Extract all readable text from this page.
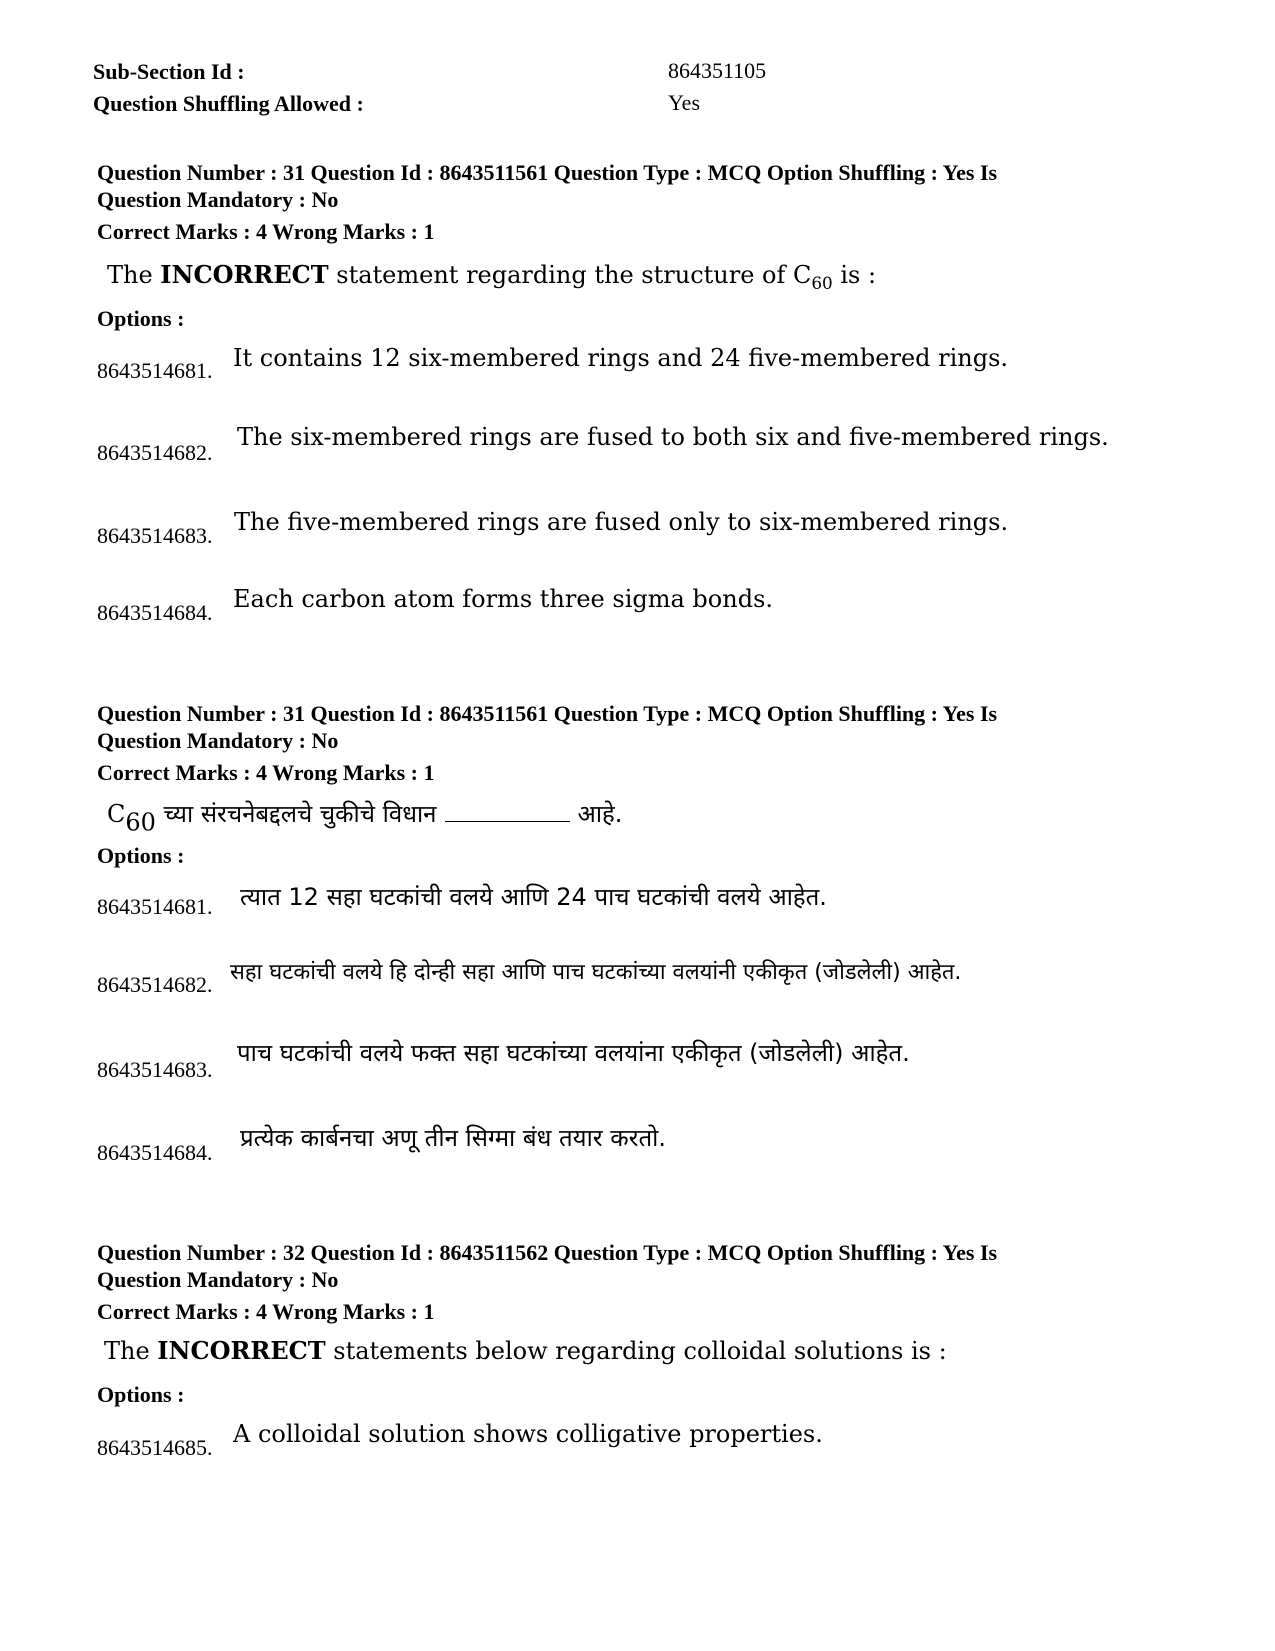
Sub-Section Id :	864351105
Question Shuffling Allowed :	Yes
Question Number : 31 Question Id : 8643511561 Question Type : MCQ Option Shuffling : Yes Is
Question Mandatory : No
Correct Marks : 4 Wrong Marks : 1
The INCORRECT statement regarding the structure of $C_{60}$ is :
Options :
8643514681. It contains 12 six-membered rings and 24 five-membered rings.
8643514682.
The six-membered rings are fused to both six and five-membered rings.
8643514683. The five-membered rings are fused only to six-membered rings.
8643514684. Each carbon atom forms three sigma bonds.
Question Number : 31 Question Id : 8643511561 Question Type : MCQ Option Shuffling : Yes Is
Question Mandatory : No
Correct Marks : 4 Wrong Marks : 1
$C_{60}$ च्या संरचनेबद्दलचे चुकीचे विधान	आहे.
Options :
8643514681. त्यात 12 सहा घटकांची वलये आणि 24 पाच घटकांची वलये आहेत.
8643514682. सहा घटकांची वलये हि दोन्ही सहा आणि पाच घटकांच्या वलयांनी एकीकृत (जोडलेली) आहेत.
8643514683.
पाच घटकांची वलये फक्त सहा घटकांच्या वलयांना एकीकृत (जोडलेली) आहेत.
8643514684.
प्रत्येक कार्बनचा अणू तीन सिग्मा बंध तयार करतो.
Question Number : 32 Question Id : 8643511562 Question Type : MCQ Option Shuffling : Yes Is
Question Mandatory : No
Correct Marks : 4 Wrong Marks : 1
The INCORRECT statements below regarding colloidal solutions is :
Options :
8643514685. A colloidal solution shows colligative properties.
